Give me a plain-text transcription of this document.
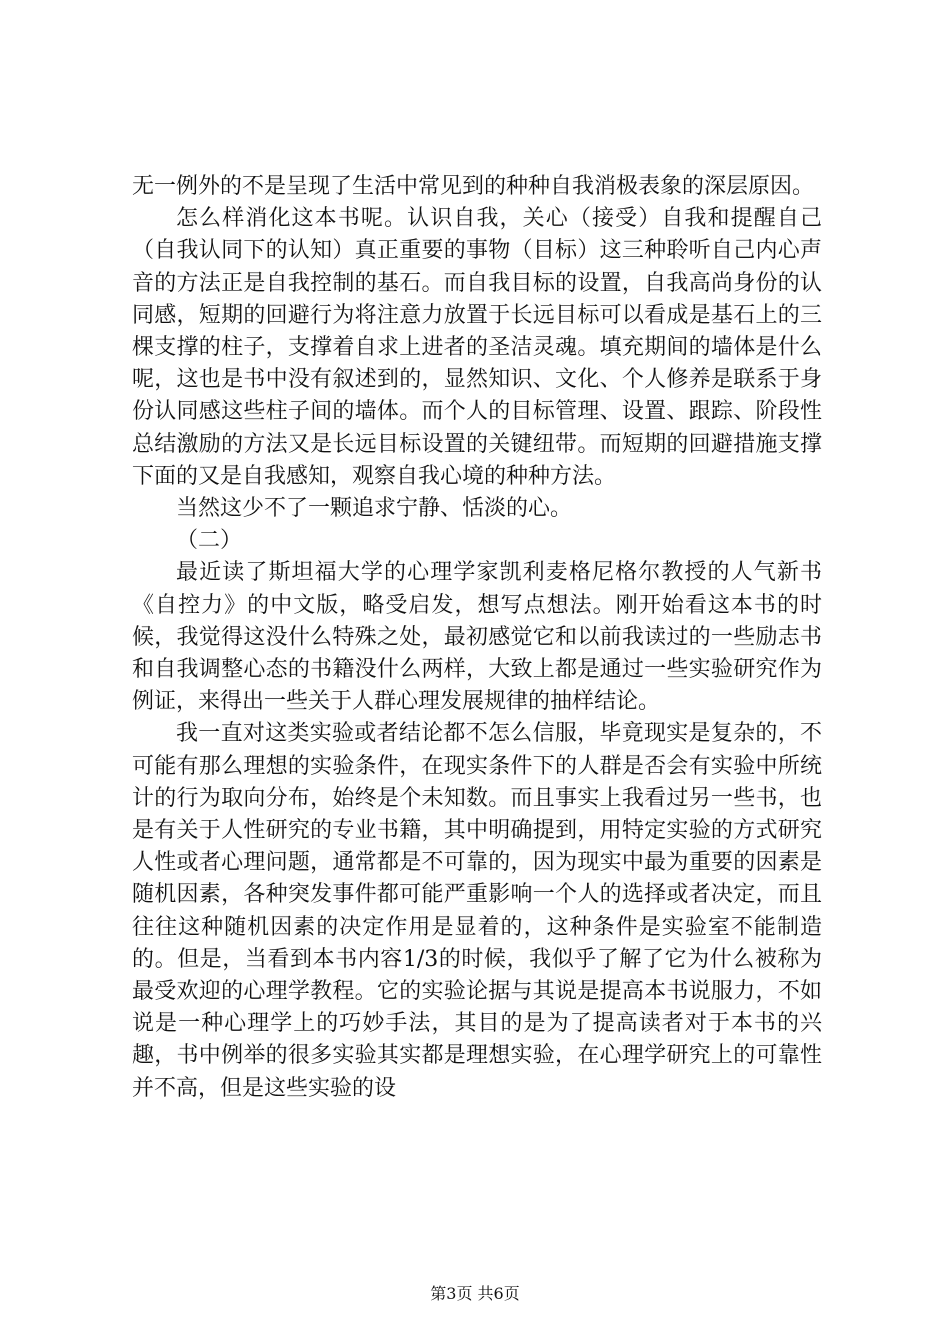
无一例外的不是呈现了生活中常见到的种种自我消极表象的深层原因。

怎么样消化这本书呢。认识自我，关心（接受）自我和提醒自己（自我认同下的认知）真正重要的事物（目标）这三种聆听自己内心声音的方法正是自我控制的基石。而自我目标的设置，自我高尚身份的认同感，短期的回避行为将注意力放置于长远目标可以看成是基石上的三棵支撑的柱子，支撑着自求上进者的圣洁灵魂。填充期间的墙体是什么呢，这也是书中没有叙述到的，显然知识、文化、个人修养是联系于身份认同感这些柱子间的墙体。而个人的目标管理、设置、跟踪、阶段性总结激励的方法又是长远目标设置的关键纽带。而短期的回避措施支撑下面的又是自我感知，观察自我心境的种种方法。

当然这少不了一颗追求宁静、恬淡的心。

（二）

最近读了斯坦福大学的心理学家凯利麦格尼格尔教授的人气新书《自控力》的中文版，略受启发，想写点想法。刚开始看这本书的时候，我觉得这没什么特殊之处，最初感觉它和以前我读过的一些励志书和自我调整心态的书籍没什么两样，大致上都是通过一些实验研究作为例证，来得出一些关于人群心理发展规律的抽样结论。

我一直对这类实验或者结论都不怎么信服，毕竟现实是复杂的，不可能有那么理想的实验条件，在现实条件下的人群是否会有实验中所统计的行为取向分布，始终是个未知数。而且事实上我看过另一些书，也是有关于人性研究的专业书籍，其中明确提到，用特定实验的方式研究人性或者心理问题，通常都是不可靠的，因为现实中最为重要的因素是随机因素，各种突发事件都可能严重影响一个人的选择或者决定，而且往往这种随机因素的决定作用是显着的，这种条件是实验室不能制造的。但是，当看到本书内容1/3的时候，我似乎了解了它为什么被称为最受欢迎的心理学教程。它的实验论据与其说是提高本书说服力，不如说是一种心理学上的巧妙手法，其目的是为了提高读者对于本书的兴趣，书中例举的很多实验其实都是理想实验，在心理学研究上的可靠性并不高，但是这些实验的设

第3页 共6页
